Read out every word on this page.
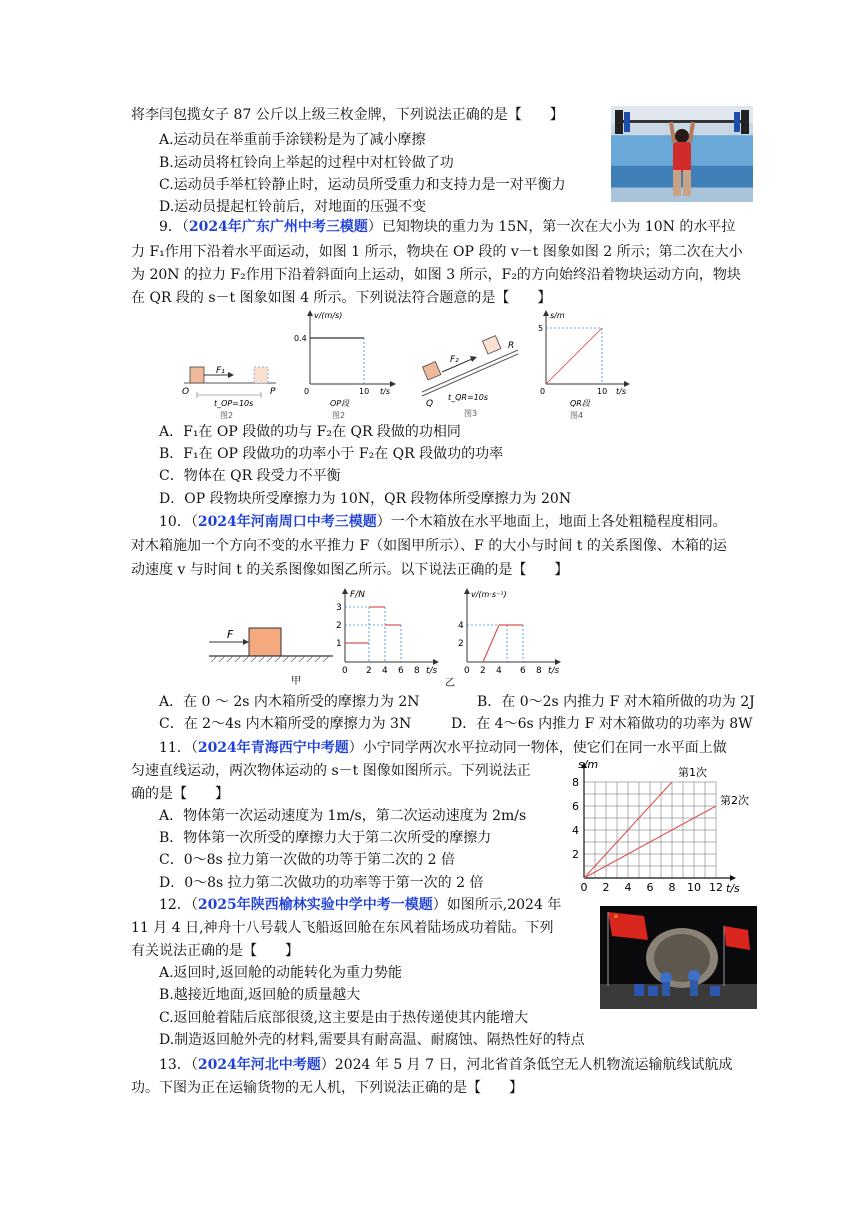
将李闫包揽女子 87 公斤以上级三枚金牌，下列说法正确的是【　　】
A.运动员在举重前手涂镁粉是为了减小摩擦
B.运动员将杠铃向上举起的过程中对杠铃做了功
C.运动员手举杠铃静止时，运动员所受重力和支持力是一对平衡力
D.运动员提起杠铃前后，对地面的压强不变
9．（2024年广东广州中考三模题）已知物块的重力为 15N，第一次在大小为 10N 的水平拉
力 F₁作用下沿着水平面运动，如图 1 所示，物块在 OP 段的 v－t 图象如图 2 所示；第二次在大小
为 20N 的拉力 F₂作用下沿着斜面向上运动，如图 3 所示，F₂的方向始终沿着物块运动方向，物块
在 QR 段的 s－t 图象如图 4 所示。下列说法符合题意的是【　　】
F₁
O	P
t_OP=10s
图2
v/(m/s)
0.4
0	10 t/s
OP段
图2
F₂
Q
R
t_QR=10s
图3
s/m
5
0	10 t/s
QR段
图4
A．F₁在 OP 段做的功与 F₂在 QR 段做的功相同
B．F₁在 OP 段做功的功率小于 F₂在 QR 段做功的功率
C．物体在 QR 段受力不平衡
D．OP 段物块所受摩擦力为 10N，QR 段物体所受摩擦力为 20N
10．（2024年河南周口中考三模题）一个木箱放在水平地面上，地面上各处粗糙程度相同。
对木箱施加一个方向不变的水平推力 F（如图甲所示）、F 的大小与时间 t 的关系图像、木箱的运
动速度 v 与时间 t 的关系图像如图乙所示。以下说法正确的是【　　】
F
甲
F/N
1
2
3
0 2 4 6 8 t/s
v/(m·s⁻¹)
2
4
0 2 4 6 8 t/s
乙
A．在 0 ～ 2s 内木箱所受的摩擦力为 2N	B．在 0～2s 内推力 F 对木箱所做的功为 2J
C．在 2～4s 内木箱所受的摩擦力为 3N	D．在 4～6s 内推力 F 对木箱做功的功率为 8W
11．（2024年青海西宁中考题）小宁同学两次水平拉动同一物体，使它们在同一水平面上做
匀速直线运动，两次物体运动的 s－t 图像如图所示。下列说法正
确的是【　　】
A．物体第一次运动速度为 1m/s，第二次运动速度为 2m/s
B．物体第一次所受的摩擦力大于第二次所受的摩擦力
C．0～8s 拉力第一次做的功等于第二次的 2 倍
D．0～8s 拉力第二次做功的功率等于第一次的 2 倍
s/m
t/s
0 2 4 6 8 10 12
2
4
6
8
第1次
第2次
12．（2025年陕西榆林实验中学中考一模题）如图所示,2024 年
11 月 4 日,神舟十八号载人飞船返回舱在东风着陆场成功着陆。下列
有关说法正确的是【　　】
A.返回时,返回舱的动能转化为重力势能
B.越接近地面,返回舱的质量越大
C.返回舱着陆后底部很烫,这主要是由于热传递使其内能增大
D.制造返回舱外壳的材料,需要具有耐高温、耐腐蚀、隔热性好的特点
13．（2024年河北中考题）2024 年 5 月 7 日，河北省首条低空无人机物流运输航线试航成
功。下图为正在运输货物的无人机，下列说法正确的是【　　】
